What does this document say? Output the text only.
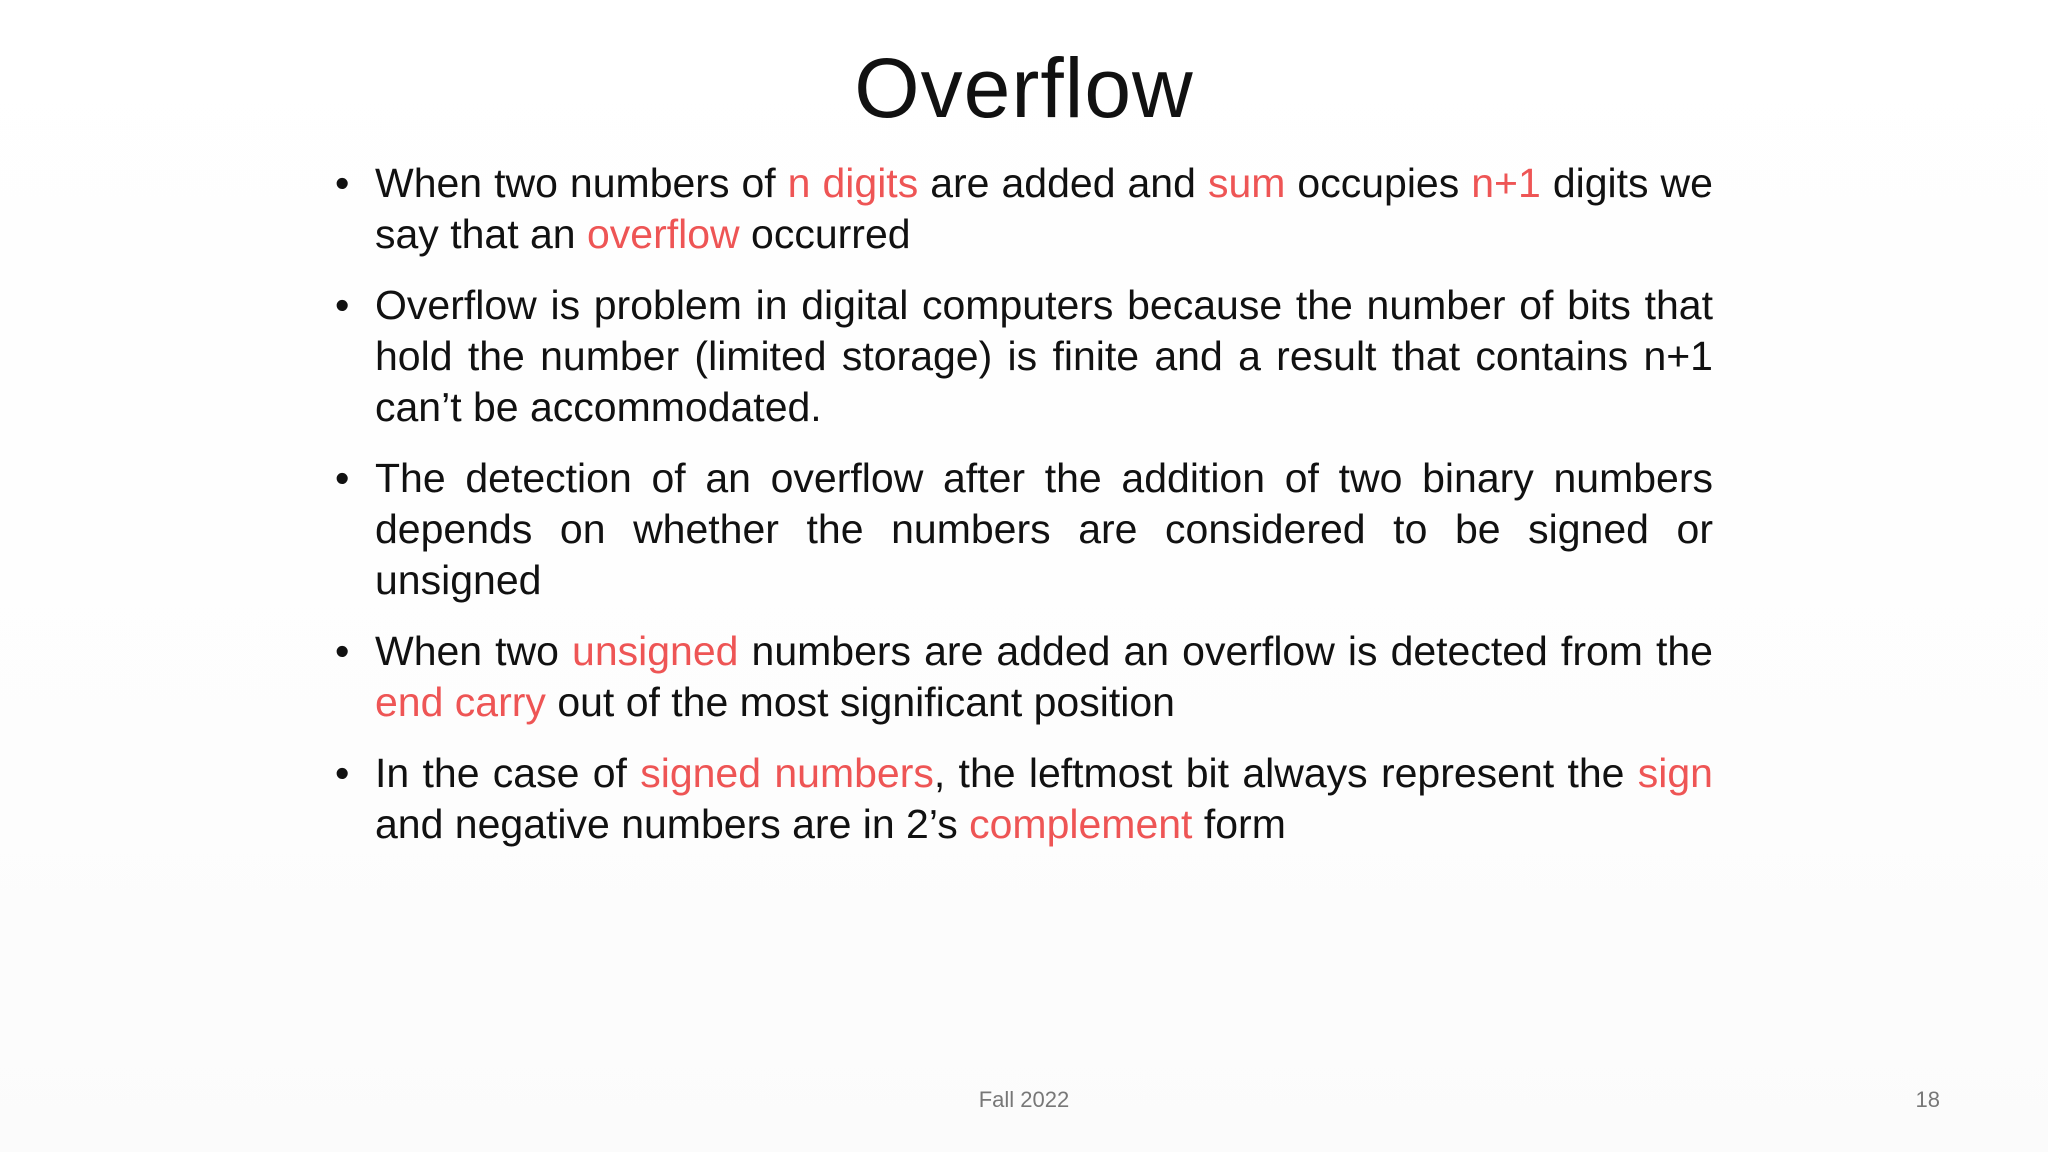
Overflow
• When two numbers of n digits are added and sum occupies n+1 digits we say that an overflow occurred
• Overflow is problem in digital computers because the number of bits that hold the number (limited storage) is finite and a result that contains n+1 can’t be accommodated.
• The detection of an overflow after the addition of two binary numbers depends on whether the numbers are considered to be signed or unsigned
• When two unsigned numbers are added an overflow is detected from the end carry out of the most significant position
• In the case of signed numbers, the leftmost bit always represent the sign and negative numbers are in 2’s complement form
Fall 2022	18
